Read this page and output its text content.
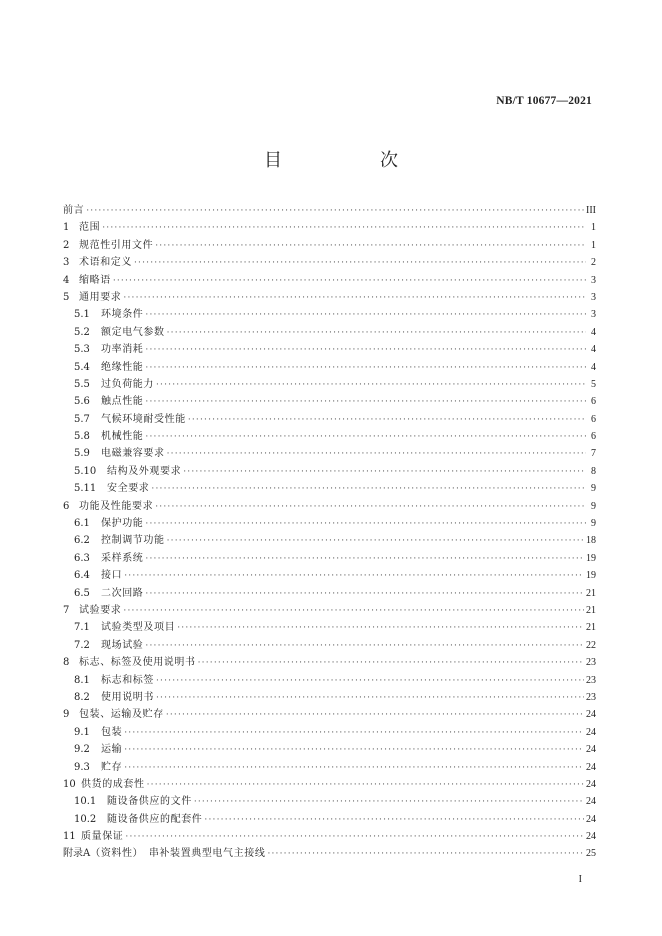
NB/T 10677—2021
目　次
前言 ·····	III
1 范围 ·····	1
2 规范性引用文件 ·····	1
3 术语和定义 ·····	2
4 缩略语 ·····	3
5 通用要求 ·····	3
5.1	环境条件 ·····	3
5.2	额定电气参数 ·····	4
5.3	功率消耗 ·····	4
5.4	绝缘性能 ·····	4
5.5	过负荷能力 ·····	5
5.6	触点性能 ·····	6
5.7	气候环境耐受性能 ·····	6
5.8	机械性能 ·····	6
5.9	电磁兼容要求 ·····	7
5.10	结构及外观要求 ·····	8
5.11	安全要求 ·····	9
6 功能及性能要求 ·····	9
6.1	保护功能 ·····	9
6.2	控制调节功能 ·····	18
6.3	采样系统 ·····	19
6.4	接口 ·····	19
6.5	二次回路 ·····	21
7 试验要求 ·····	21
7.1	试验类型及项目 ·····	21
7.2	现场试验 ·····	22
8 标志、标签及使用说明书 ·····	23
8.1	标志和标签 ·····	23
8.2	使用说明书 ·····	23
9 包装、运输及贮存 ·····	24
9.1	包装 ·····	24
9.2	运输 ·····	24
9.3	贮存 ·····	24
10 供货的成套性 ·····	24
10.1	随设备供应的文件 ·····	24
10.2	随设备供应的配套件 ·····	24
11 质量保证 ·····	24
附录A （资料性）　串补装置典型电气主接线 ·····	25
I
